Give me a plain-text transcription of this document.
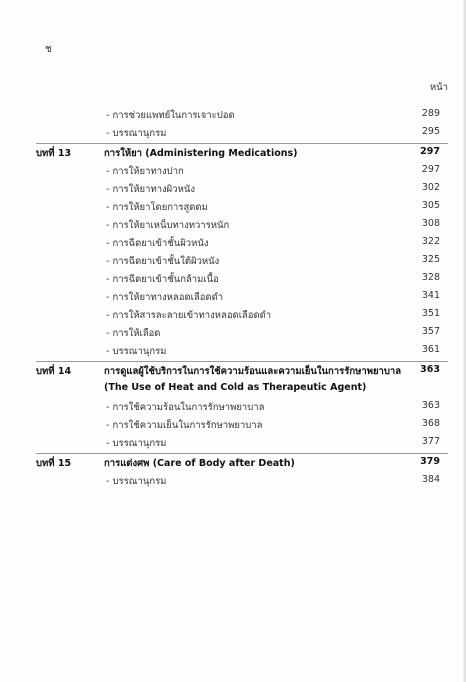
ช
หน้า
- การช่วยแพทย์ในการเจาะปอด	289
- บรรณานุกรม	295
บทที่ 13	การให้ยา (Administering Medications)	297
- การให้ยาทางปาก	297
- การให้ยาทางผิวหนัง	302
- การให้ยาโดยการสูดดม	305
- การให้ยาเหน็บทางทวารหนัก	308
- การฉีดยาเข้าชั้นผิวหนัง	322
- การฉีดยาเข้าชั้นใต้ผิวหนัง	325
- การฉีดยาเข้าชั้นกล้ามเนื้อ	328
- การให้ยาทางหลอดเลือดดำ	341
- การให้สารละลายเข้าทางหลอดเลือดดำ	351
- การให้เลือด	357
- บรรณานุกรม	361
บทที่ 14	การดูแลผู้ใช้บริการในการใช้ความร้อนและความเย็นในการรักษาพยาบาล	363
(The Use of Heat and Cold as Therapeutic Agent)
- การใช้ความร้อนในการรักษาพยาบาล	363
- การใช้ความเย็นในการรักษาพยาบาล	368
- บรรณานุกรม	377
บทที่ 15	การแต่งศพ (Care of Body after Death)	379
- บรรณานุกรม	384
